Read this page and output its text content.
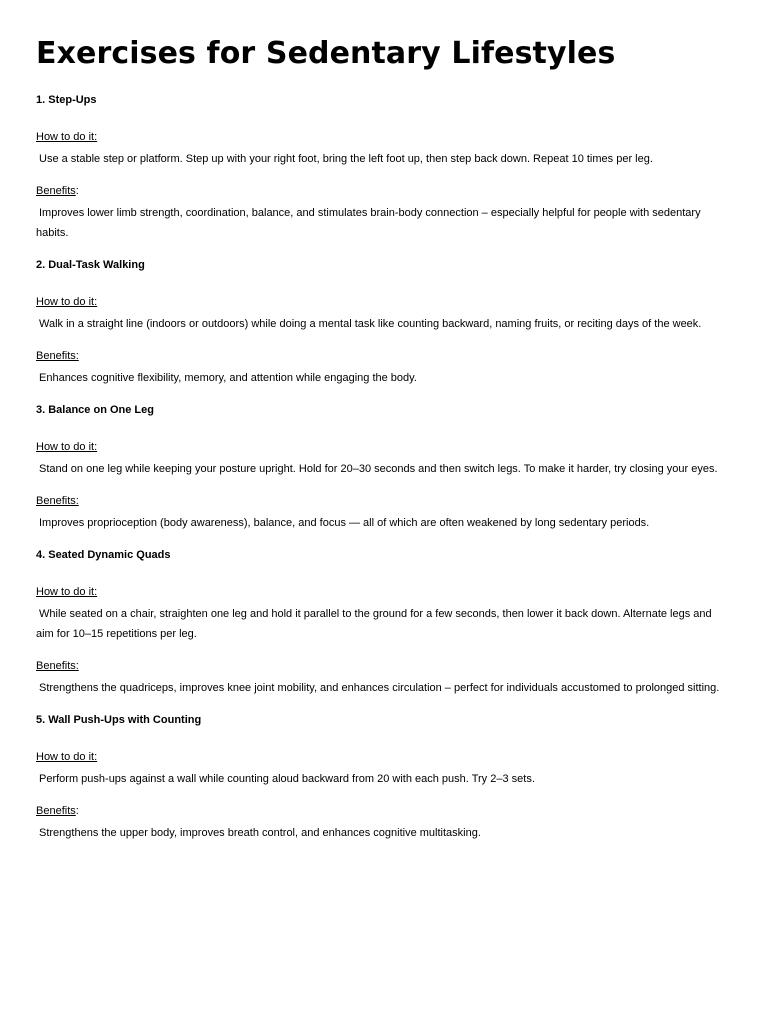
Exercises for Sedentary Lifestyles
1. Step-Ups
How to do it:
Use a stable step or platform. Step up with your right foot, bring the left foot up, then step back down. Repeat 10 times per leg.
Benefits:
Improves lower limb strength, coordination, balance, and stimulates brain-body connection – especially helpful for people with sedentary habits.
2. Dual-Task Walking
How to do it:
Walk in a straight line (indoors or outdoors) while doing a mental task like counting backward, naming fruits, or reciting days of the week.
Benefits:
Enhances cognitive flexibility, memory, and attention while engaging the body.
3. Balance on One Leg
How to do it:
Stand on one leg while keeping your posture upright. Hold for 20–30 seconds and then switch legs. To make it harder, try closing your eyes.
Benefits:
Improves proprioception (body awareness), balance, and focus — all of which are often weakened by long sedentary periods.
4. Seated Dynamic Quads
How to do it:
While seated on a chair, straighten one leg and hold it parallel to the ground for a few seconds, then lower it back down. Alternate legs and aim for 10–15 repetitions per leg.
Benefits:
Strengthens the quadriceps, improves knee joint mobility, and enhances circulation – perfect for individuals accustomed to prolonged sitting.
5. Wall Push-Ups with Counting
How to do it:
Perform push-ups against a wall while counting aloud backward from 20 with each push. Try 2–3 sets.
Benefits:
Strengthens the upper body, improves breath control, and enhances cognitive multitasking.
